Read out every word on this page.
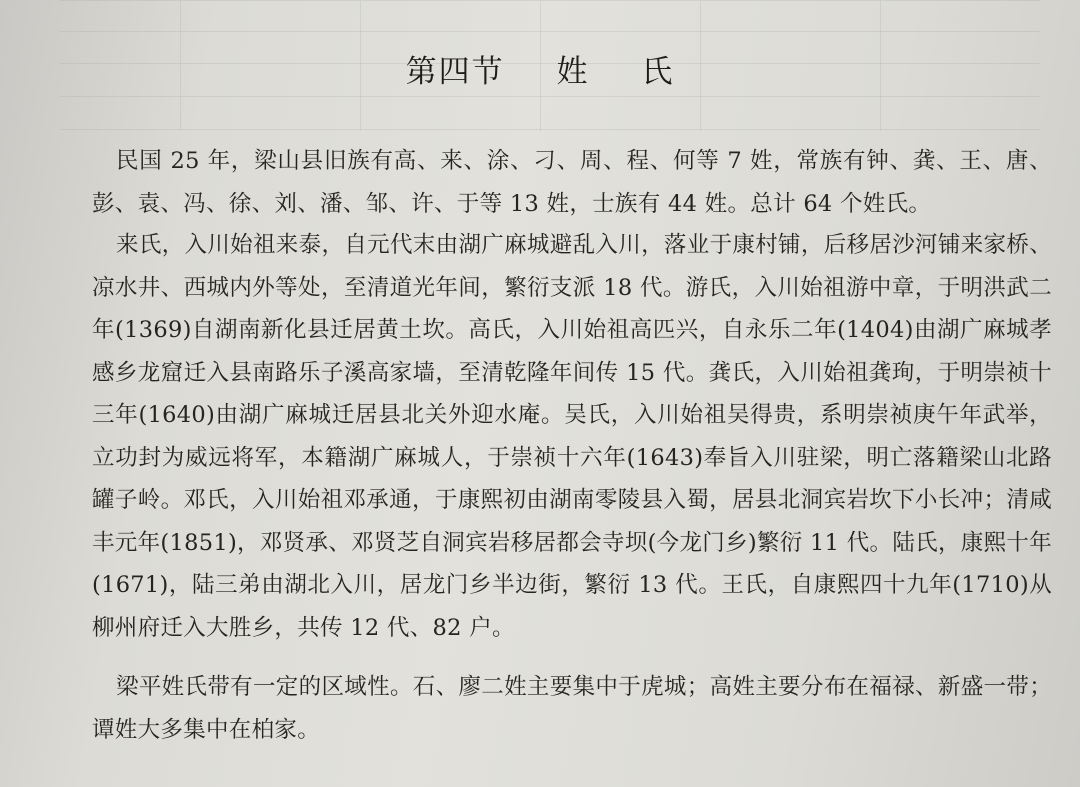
第四节 姓 氏

民国 25 年，梁山县旧族有高、来、涂、刁、周、程、何等 7 姓，常族有钟、龚、王、唐、彭、袁、冯、徐、刘、潘、邹、许、于等 13 姓，士族有 44 姓。总计 64 个姓氏。

来氏，入川始祖来泰，自元代末由湖广麻城避乱入川，落业于康村铺，后移居沙河铺来家桥、凉水井、西城内外等处，至清道光年间，繁衍支派 18 代。游氏，入川始祖游中章，于明洪武二年(1369)自湖南新化县迁居黄土坎。高氏，入川始祖高匹兴，自永乐二年(1404)由湖广麻城孝感乡龙窟迁入县南路乐子溪高家墙，至清乾隆年间传 15 代。龚氏，入川始祖龚珣，于明崇祯十三年(1640)由湖广麻城迁居县北关外迎水庵。吴氏，入川始祖吴得贵，系明崇祯庚午年武举，立功封为威远将军，本籍湖广麻城人，于崇祯十六年(1643)奉旨入川驻梁，明亡落籍梁山北路罐子岭。邓氏，入川始祖邓承通，于康熙初由湖南零陵县入蜀，居县北洞宾岩坎下小长冲；清咸丰元年(1851)，邓贤承、邓贤芝自洞宾岩移居都会寺坝(今龙门乡)繁衍 11 代。陆氏，康熙十年(1671)，陆三弟由湖北入川，居龙门乡半边街，繁衍 13 代。王氏，自康熙四十九年(1710)从柳州府迁入大胜乡，共传 12 代、82 户。

梁平姓氏带有一定的区域性。石、廖二姓主要集中于虎城；高姓主要分布在福禄、新盛一带；谭姓大多集中在柏家。
